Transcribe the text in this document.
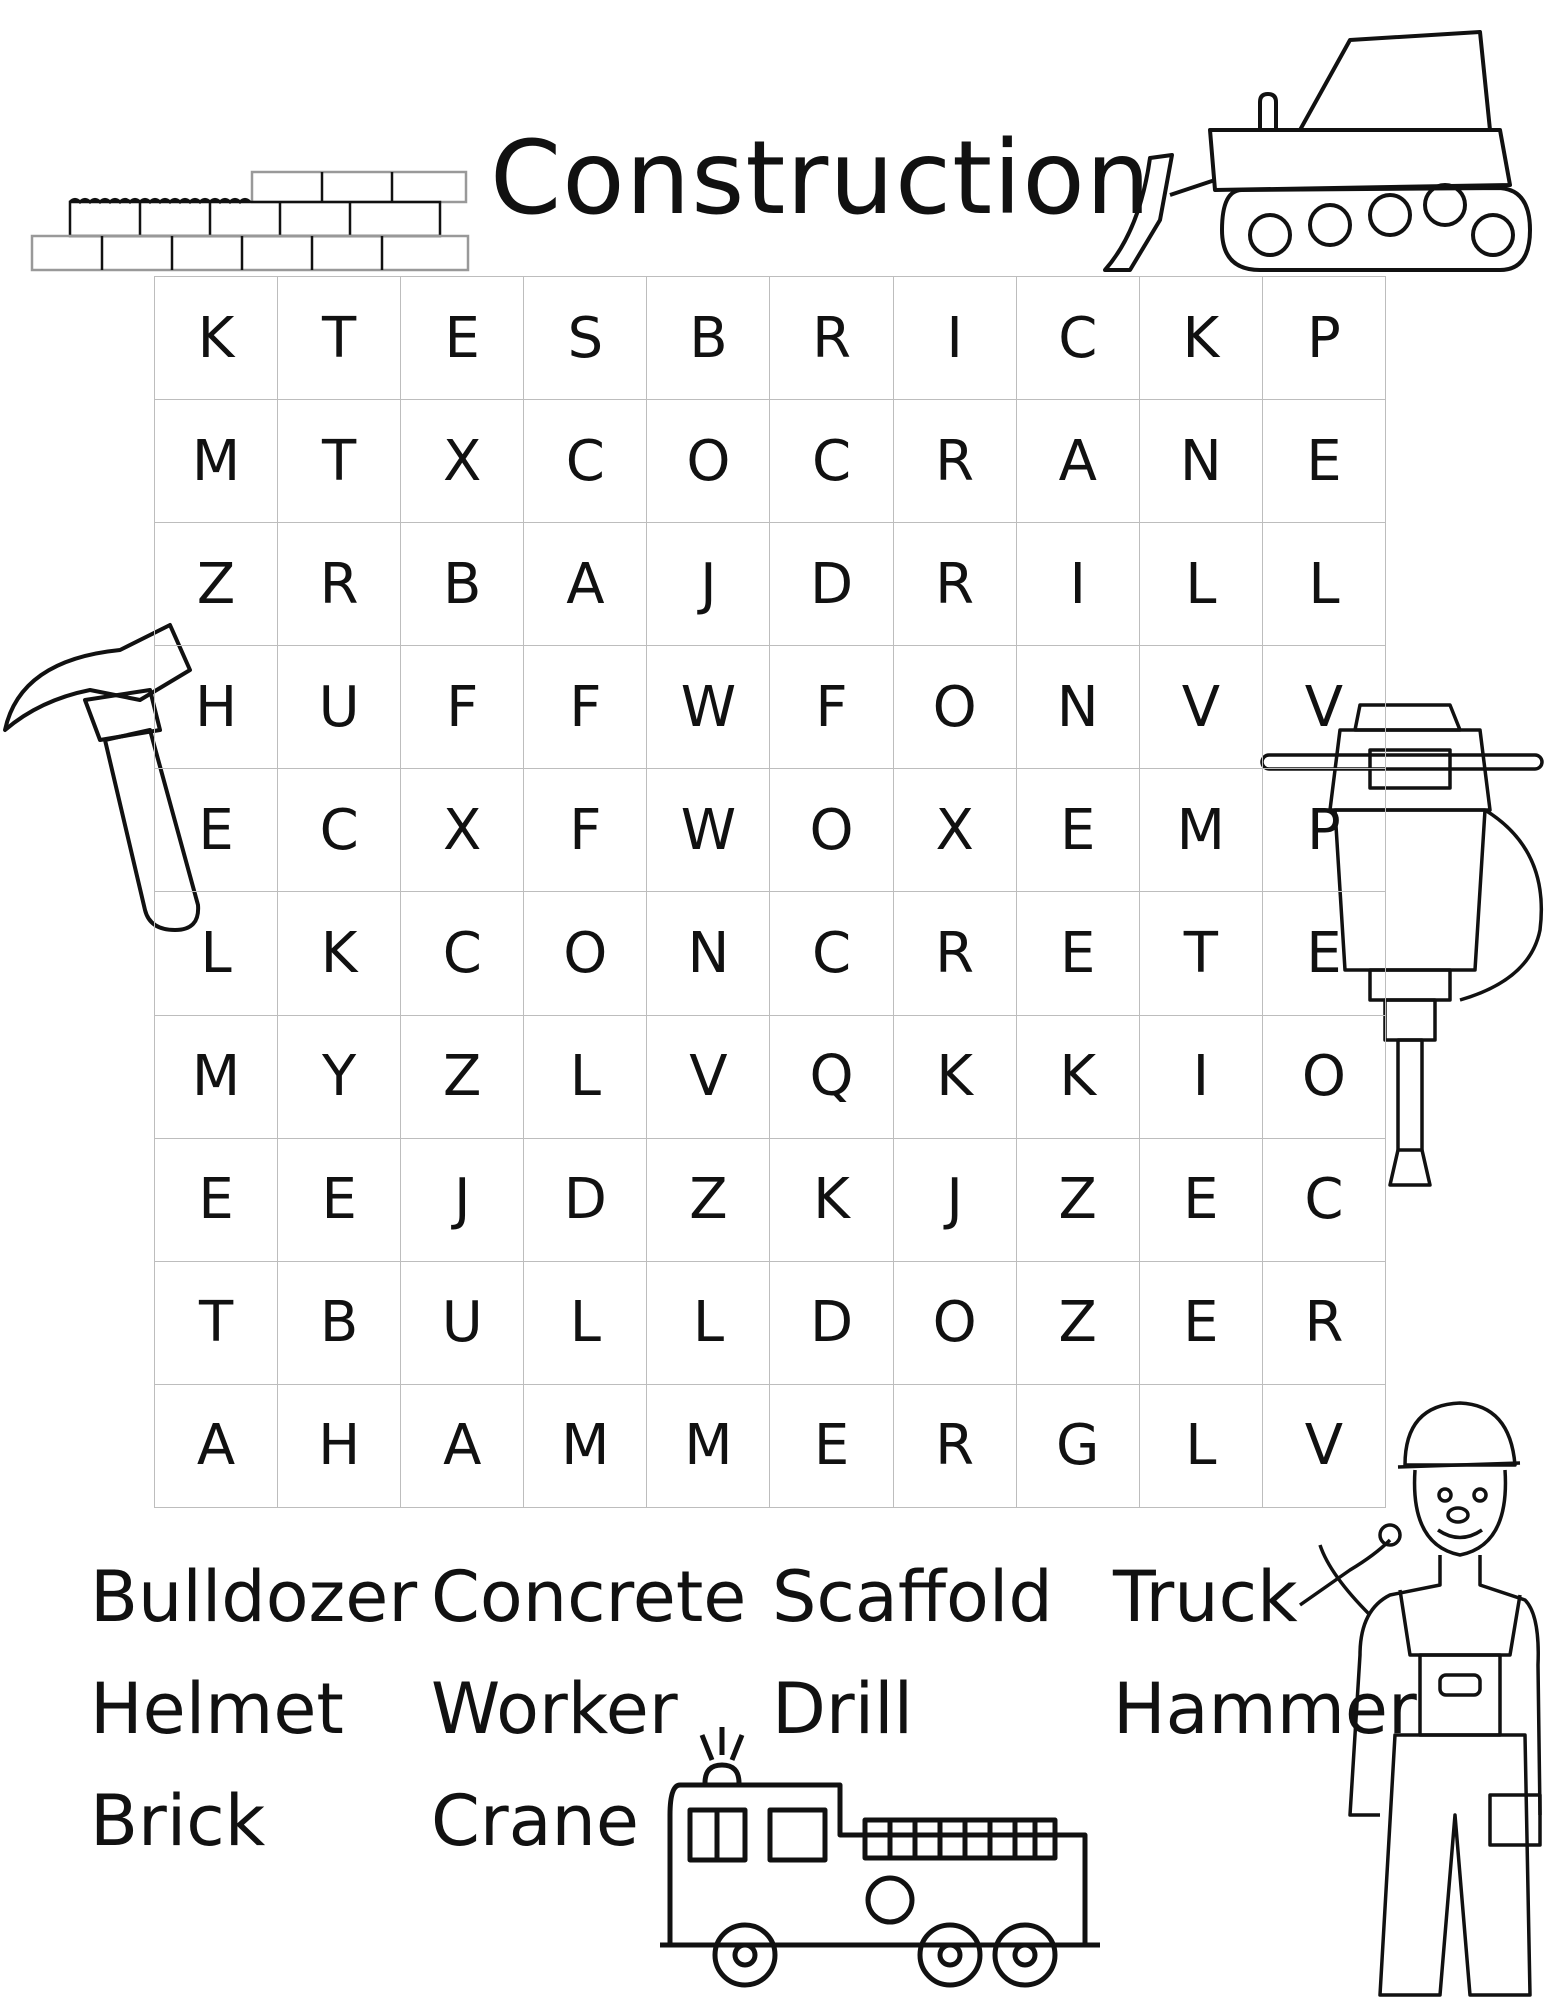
Construction
K	T	E	S	B	R	I	C	K	P
M	T	X	C	O	C	R	A	N	E
Z	R	B	A	J	D	R	I	L	L
H	U	F	F	W	F	O	N	V	V
E	C	X	F	W	O	X	E	M	P
L	K	C	O	N	C	R	E	T	E
M	Y	Z	L	V	Q	K	K	I	O
E	E	J	D	Z	K	J	Z	E	C
T	B	U	L	L	D	O	Z	E	R
A	H	A	M	M	E	R	G	L	V
Bulldozer Concrete Scaffold Truck
Helmet	Worker	Drill	Hammer
Brick	Crane
